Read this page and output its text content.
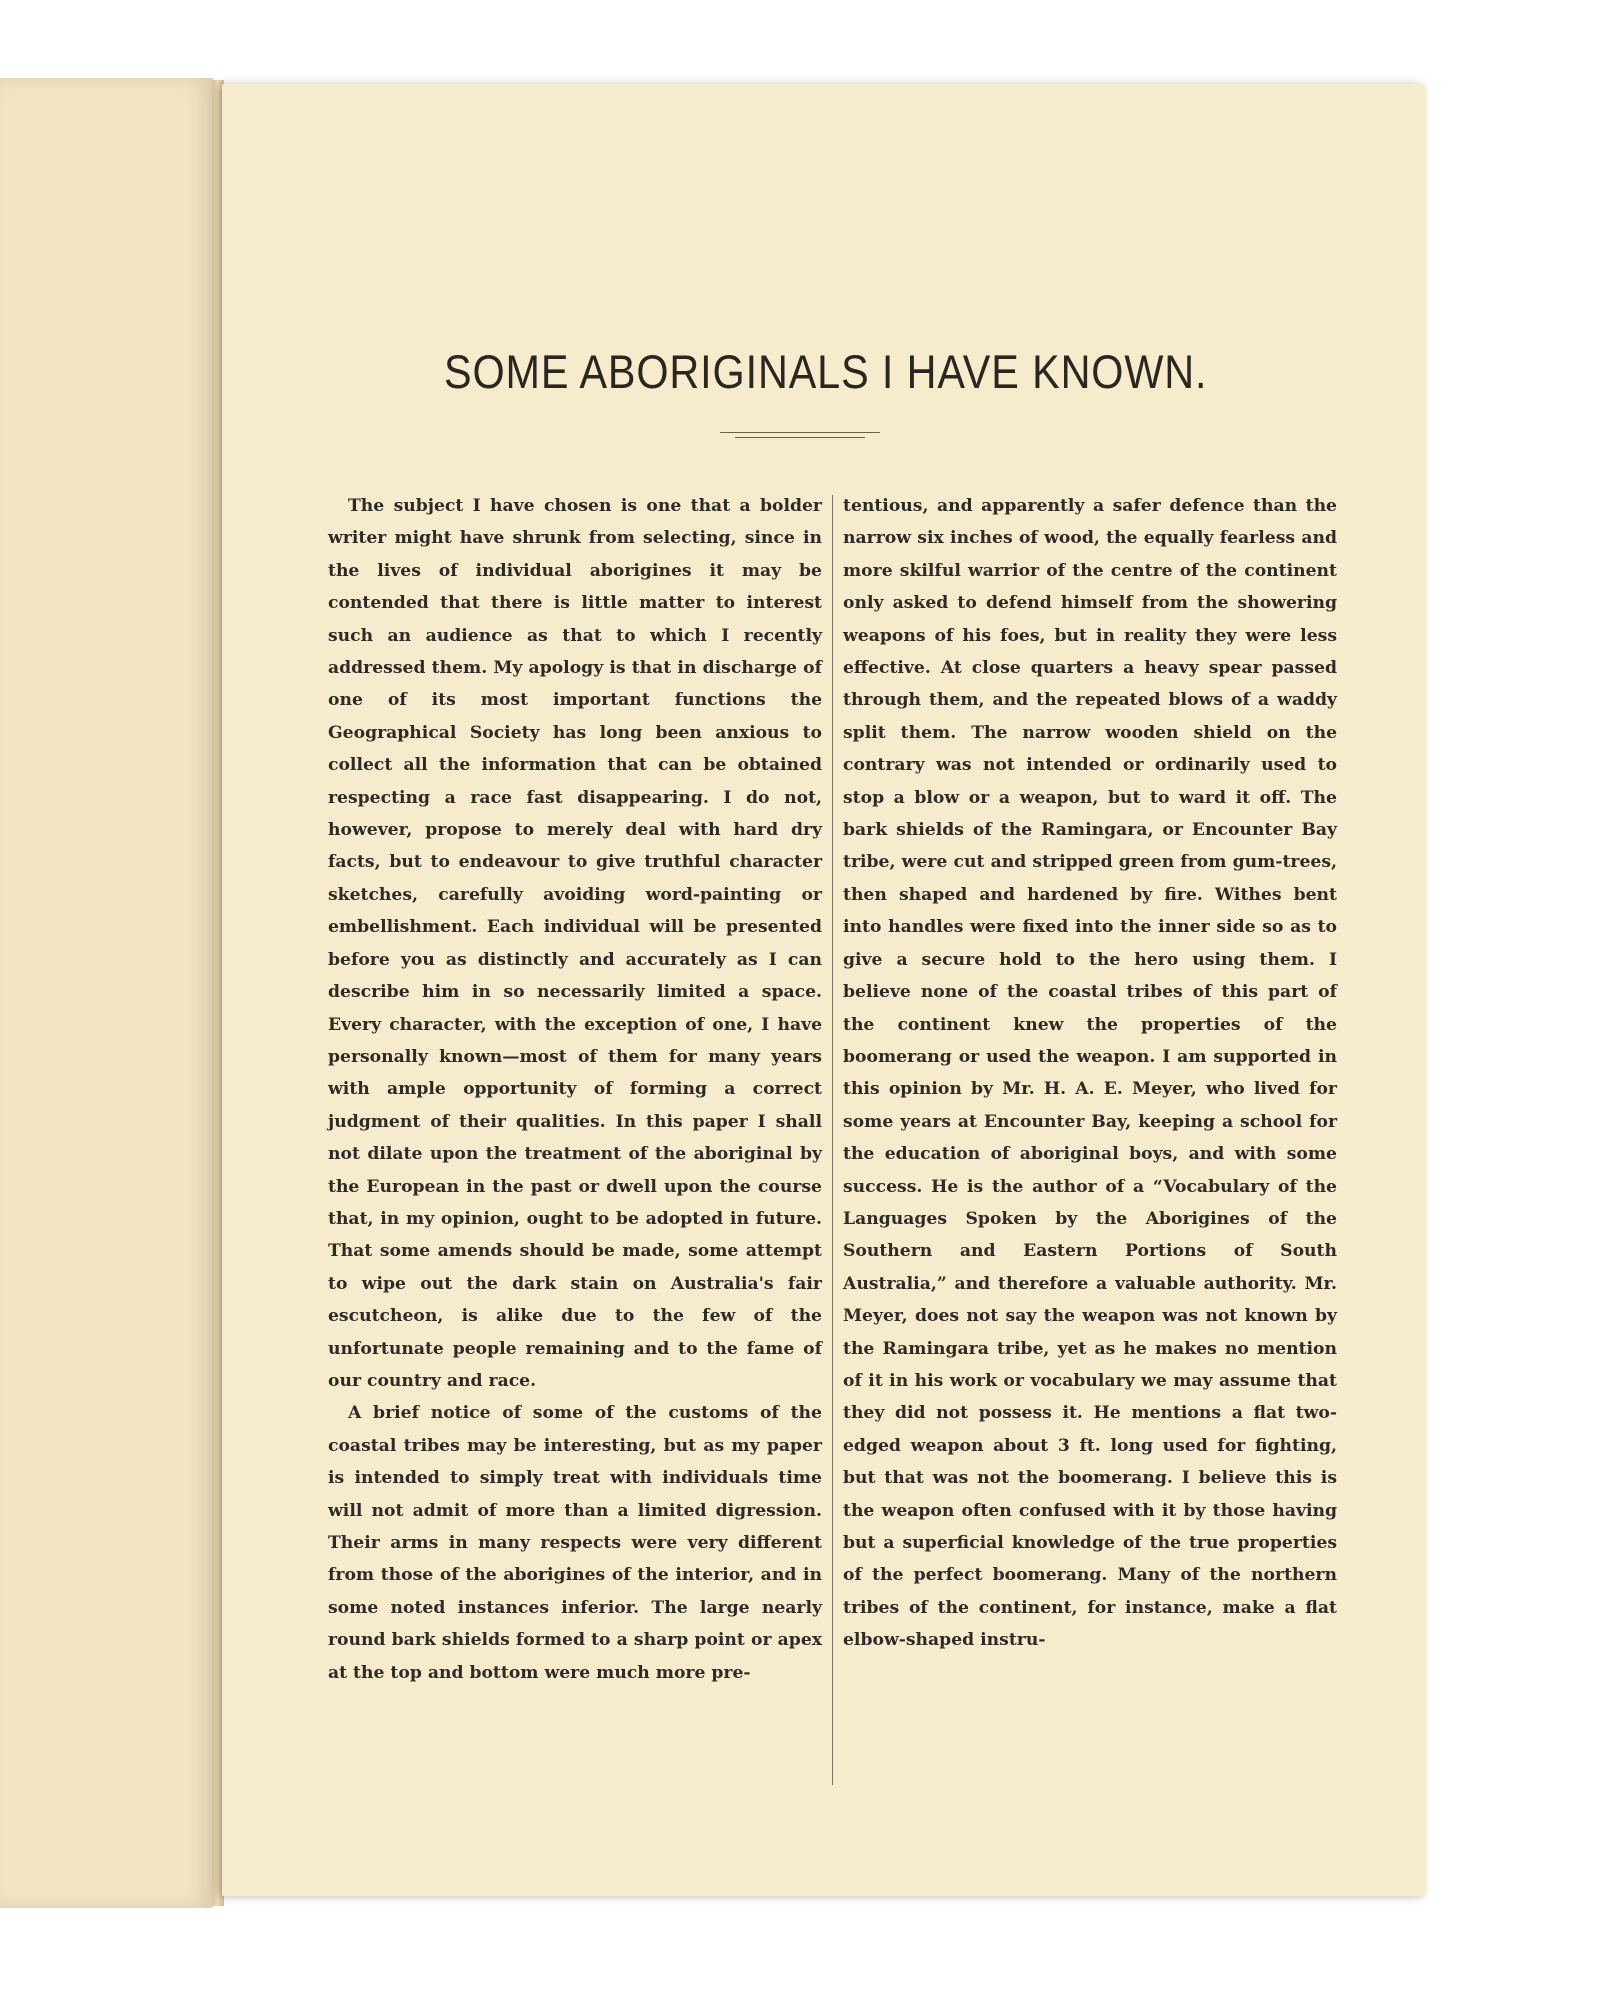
SOME ABORIGINALS I HAVE KNOWN.

The subject I have chosen is one that a bolder writer might have shrunk from selecting, since in the lives of individual aborigines it may be contended that there is little matter to interest such an audience as that to which I recently addressed them. My apology is that in discharge of one of its most important functions the Geographical Society has long been anxious to collect all the information that can be obtained respecting a race fast disappearing. I do not, however, propose to merely deal with hard dry facts, but to endeavour to give truthful character sketches, carefully avoiding word-painting or embellishment. Each individual will be presented before you as distinctly and accurately as I can describe him in so necessarily limited a space. Every character, with the exception of one, I have personally known—most of them for many years with ample opportunity of forming a correct judgment of their qualities. In this paper I shall not dilate upon the treatment of the aboriginal by the European in the past or dwell upon the course that, in my opinion, ought to be adopted in future. That some amends should be made, some attempt to wipe out the dark stain on Australia's fair escutcheon, is alike due to the few of the unfortunate people remaining and to the fame of our country and race.

A brief notice of some of the customs of the coastal tribes may be interesting, but as my paper is intended to simply treat with individuals time will not admit of more than a limited digression. Their arms in many respects were very different from those of the aborigines of the interior, and in some noted instances inferior. The large nearly round bark shields formed to a sharp point or apex at the top and bottom were much more pre-

tentious, and apparently a safer defence than the narrow six inches of wood, the equally fearless and more skilful warrior of the centre of the continent only asked to defend himself from the showering weapons of his foes, but in reality they were less effective. At close quarters a heavy spear passed through them, and the repeated blows of a waddy split them. The narrow wooden shield on the contrary was not intended or ordinarily used to stop a blow or a weapon, but to ward it off. The bark shields of the Ramingara, or Encounter Bay tribe, were cut and stripped green from gum-trees, then shaped and hardened by fire. Withes bent into handles were fixed into the inner side so as to give a secure hold to the hero using them. I believe none of the coastal tribes of this part of the continent knew the properties of the boomerang or used the weapon. I am supported in this opinion by Mr. H. A. E. Meyer, who lived for some years at Encounter Bay, keeping a school for the education of aboriginal boys, and with some success. He is the author of a “Vocabulary of the Languages Spoken by the Aborigines of the Southern and Eastern Portions of South Australia,” and therefore a valuable authority. Mr. Meyer, does not say the weapon was not known by the Ramingara tribe, yet as he makes no mention of it in his work or vocabulary we may assume that they did not possess it. He mentions a flat two-edged weapon about 3 ft. long used for fighting, but that was not the boomerang. I believe this is the weapon often confused with it by those having but a superficial knowledge of the true properties of the perfect boomerang. Many of the northern tribes of the continent, for instance, make a flat elbow-shaped instru-
